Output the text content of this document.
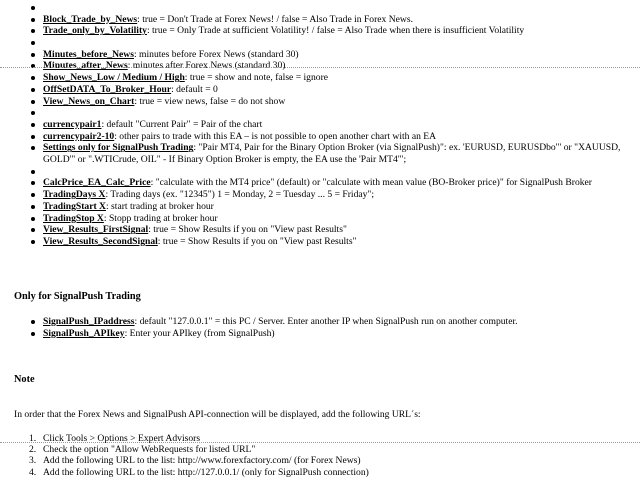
Block_Trade_by_News: true = Don't Trade at Forex News! / false = Also Trade in Forex News.
Trade_only_by_Volatility: true = Only Trade at sufficient Volatility! / false = Also Trade when there is insufficient Volatility
Minutes_before_News: minutes before Forex News (standard 30)
Minutes_after_News: minutes after Forex News (standard 30)
Show_News_Low / Medium / High: true = show and note, false = ignore
OffSetDATA_To_Broker_Hour: default = 0
View_News_on_Chart: true = view news, false = do not show
currencypair1: default "Current Pair" = Pair of the chart
currencypair2-10: other pairs to trade with this EA – is not possible to open another chart with an EA
Settings only for SignalPush Trading: "Pair MT4, Pair for the Binary Option Broker (via SignalPush)": ex. 'EURUSD, EURUSDbo'" or "XAUUSD, GOLD'" or ".WTICrude, OIL" - If Binary Option Broker is empty, the EA use the 'Pair MT4'";
CalcPrice_EA_Calc_Price: "calculate with the MT4 price" (default) or "calculate with mean value (BO-Broker price)" for SignalPush Broker
TradingDays X: Trading days (ex. "12345") 1 = Monday, 2 = Tuesday ... 5 = Friday";
TradingStart X: start trading at broker hour
TradingStop X: Stopp trading at broker hour
View_Results_FirstSignal: true = Show Results if you on "View past Results"
View_Results_SecondSignal: true = Show Results if you on "View past Results"
Only for SignalPush Trading
SignalPush_IPaddress: default "127.0.0.1" = this PC / Server. Enter another IP when SignalPush run on another computer.
SignalPush_APIkey: Enter your APIkey (from SignalPush)
Note
In order that the Forex News and SignalPush API-connection will be displayed, add the following URL´s:
1. Click Tools > Options > Expert Advisors
2. Check the option "Allow WebRequests for listed URL"
3. Add the following URL to the list: http://www.forexfactory.com/ (for Forex News)
4. Add the following URL to the list: http://127.0.0.1/ (only for SignalPush connection)
